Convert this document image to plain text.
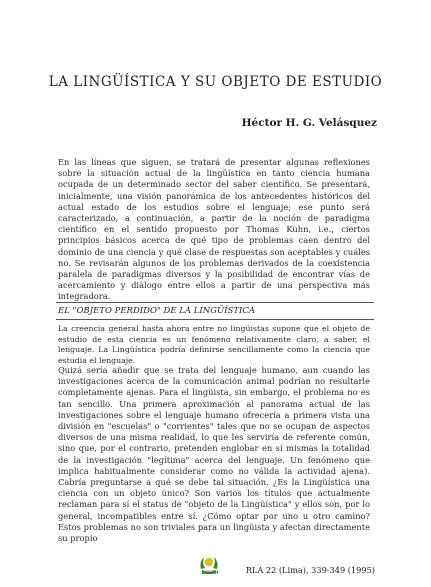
LA LINGÜÍSTICA Y SU OBJETO DE ESTUDIO
Héctor H. G. Velásquez

En las líneas que siguen, se tratará de presentar algunas reflexiones sobre la situación actual de la lingüística en tanto ciencia humana ocupada de un determinado sector del saber científico. Se presentará, inicialmente, una visión panorámica de los antecedentes históricos del actual estado de los estudios sobre el lenguaje; ese punto será caracterizado, a continuación, a partir de la noción de paradigma científico en el sentido propuesto por Thomas Kuhn, i.e., ciertos principios básicos acerca de qué tipo de problemas caen dentro del dominio de una ciencia y qué clase de respuestas son aceptables y cuáles no. Se revisarán algunos de los problemas derivados de la coexistencia paralela de paradigmas diversos y la posibilidad de encontrar vías de acercamiento y diálogo entre ellos a partir de una perspectiva más integradora.

EL "OBJETO PERDIDO" DE LA LINGÜÍSTICA

La creencia general hasta ahora entre no lingüistas supone que el objeto de estudio de esta ciencia es un fenómeno relativamente claro, a saber, el lenguaje. La Lingüística podría definirse sencillamente como la ciencia que estudia el lenguaje.

Quizá sería añadir que se trata del lenguaje humano, aun cuando las investigaciones acerca de la comunicación animal podrían no resultarle completamente ajenas. Para el lingüista, sin embargo, el problema no es tan sencillo. Una primera aproximación al panorama actual de las investigaciones sobre el lenguaje humano ofrecería a primera vista una división en "escuelas" o "corrientes" tales que no se ocupan de aspectos diversos de una misma realidad, lo que les serviría de referente común, sino que, por el contrario, pretenden englobar en sí mismas la totalidad de la investigación "legítima" acerca del lenguaje. Un fenómeno que implica habitualmente considerar como no válida la actividad ajena). Cabría preguntarse a qué se debe tal situación. ¿Es la Lingüística una ciencia con un objeto único? Son varios los títulos que actualmente reclaman para sí el status de "objeto de la Lingüística" y ellos son, por lo general, incompatibles entre sí. ¿Cómo optar por uno u otro camino? Estos problemas no son triviales para un lingüista y afectan directamente su propio

ACHIDI	RLA 22 (Lima), 339-349 (1995)
